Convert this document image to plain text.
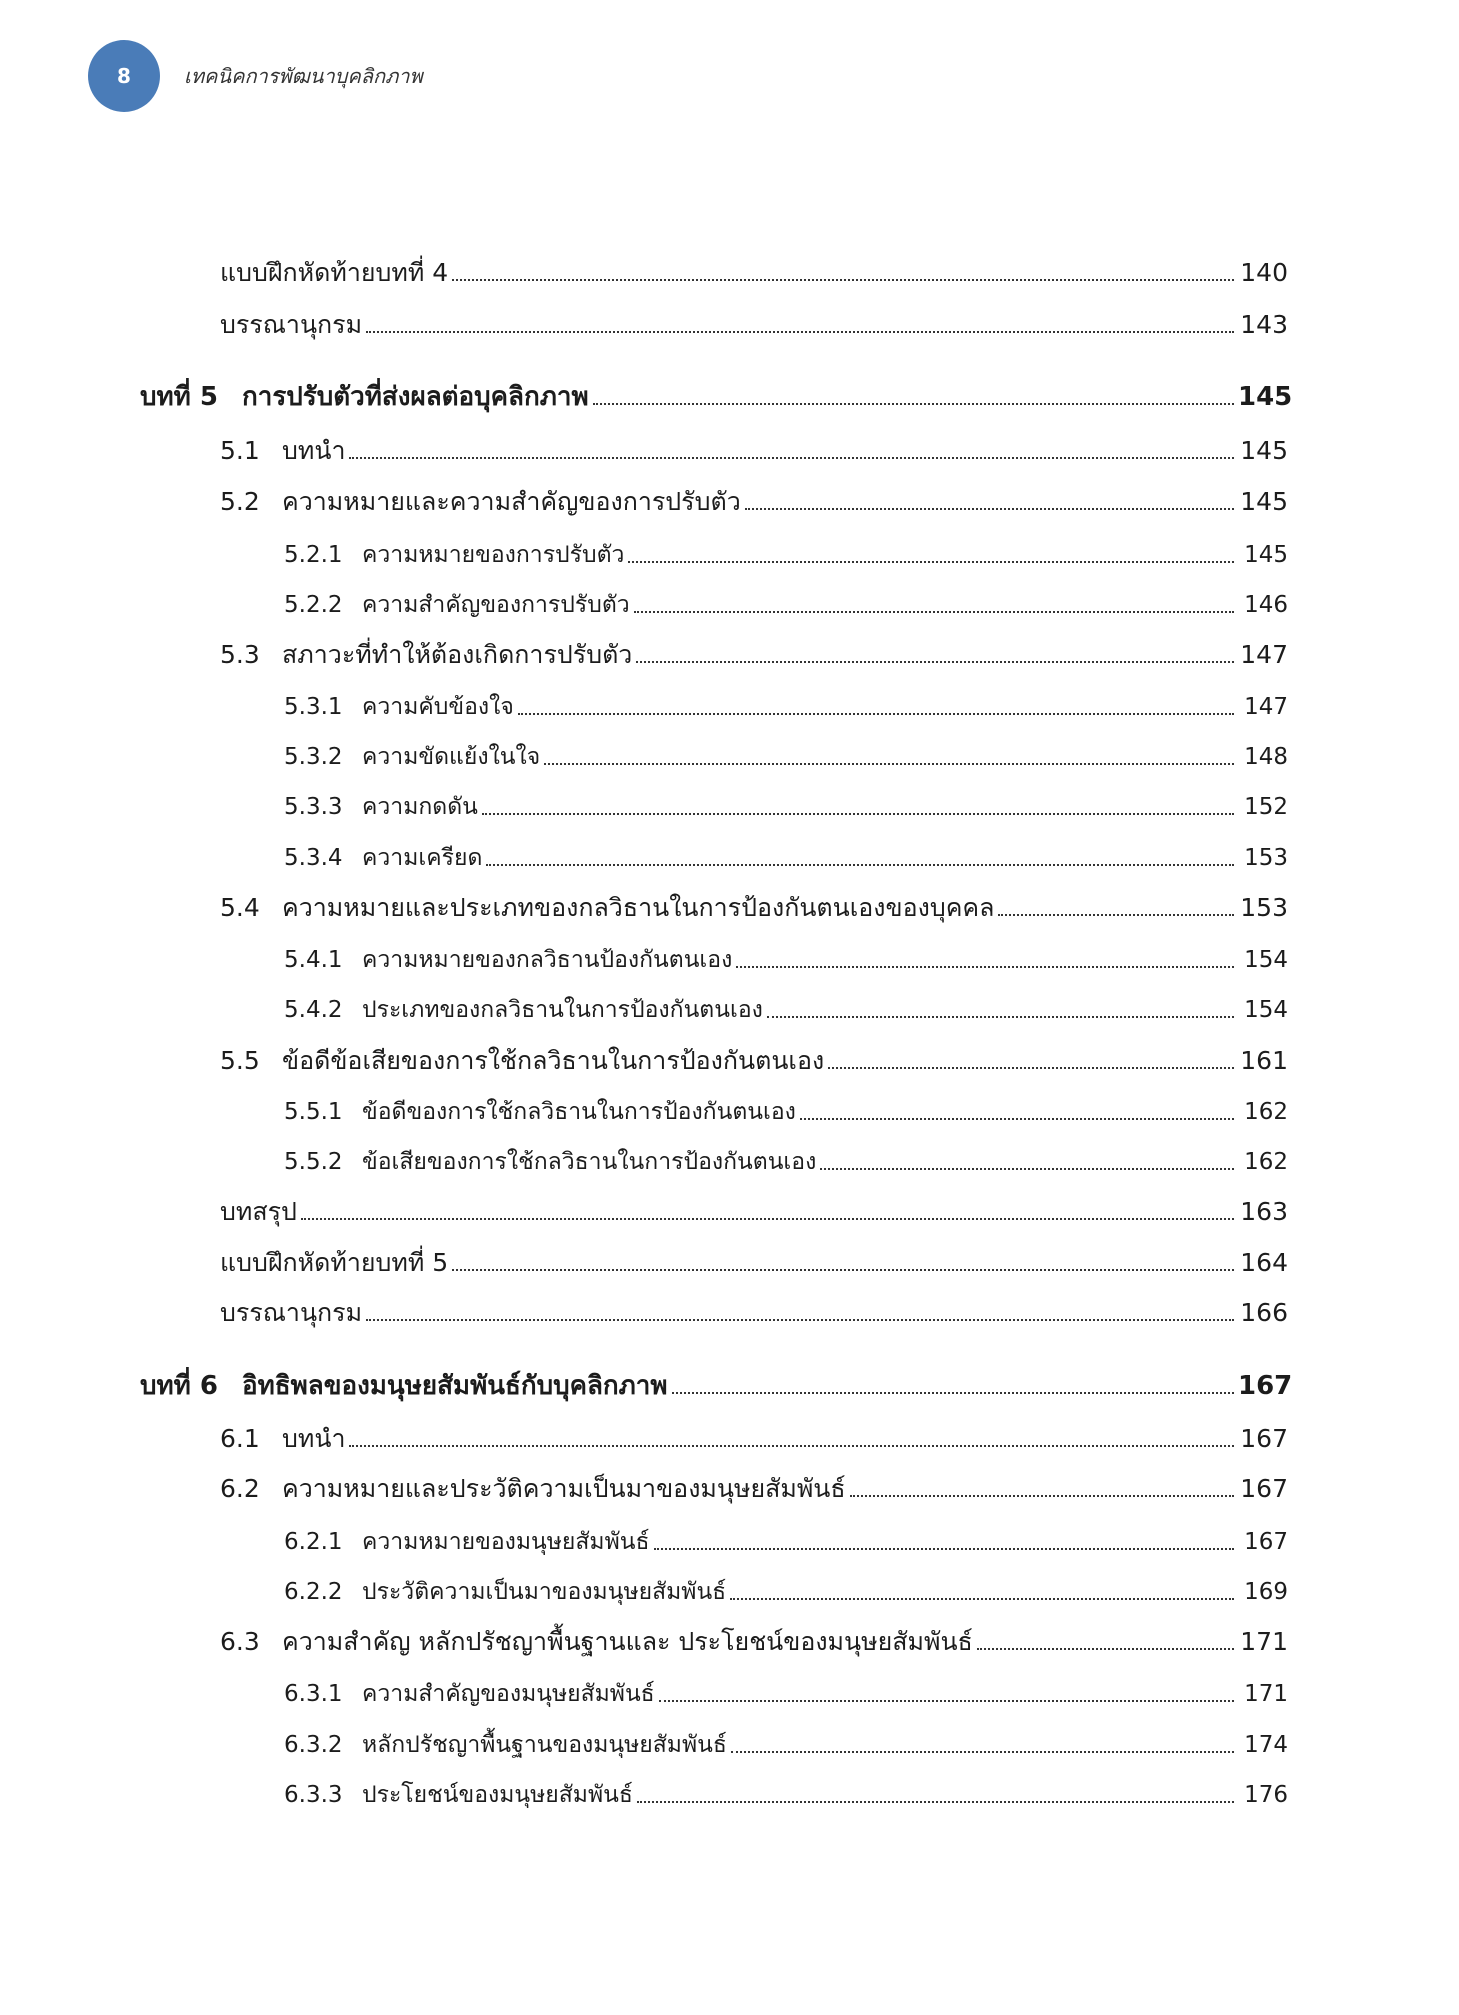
8	เทคนิคการพัฒนาบุคลิกภาพ
แบบฝึกหัดท้ายบทที่ 4	140
บรรณานุกรม	143
บทที่ 5 การปรับตัวที่ส่งผลต่อบุคลิกภาพ	145
5.1 บทนำ	145
5.2 ความหมายและความสำคัญของการปรับตัว	145
5.2.1 ความหมายของการปรับตัว	145
5.2.2 ความสำคัญของการปรับตัว	146
5.3 สภาวะที่ทำให้ต้องเกิดการปรับตัว	147
5.3.1 ความคับข้องใจ	147
5.3.2 ความขัดแย้งในใจ	148
5.3.3 ความกดดัน	152
5.3.4 ความเครียด	153
5.4 ความหมายและประเภทของกลวิธานในการป้องกันตนเองของบุคคล	153
5.4.1 ความหมายของกลวิธานป้องกันตนเอง	154
5.4.2 ประเภทของกลวิธานในการป้องกันตนเอง	154
5.5 ข้อดีข้อเสียของการใช้กลวิธานในการป้องกันตนเอง	161
5.5.1 ข้อดีของการใช้กลวิธานในการป้องกันตนเอง	162
5.5.2 ข้อเสียของการใช้กลวิธานในการป้องกันตนเอง	162
บทสรุป	163
แบบฝึกหัดท้ายบทที่ 5	164
บรรณานุกรม	166
บทที่ 6 อิทธิพลของมนุษยสัมพันธ์กับบุคลิกภาพ	167
6.1 บทนำ	167
6.2 ความหมายและประวัติความเป็นมาของมนุษยสัมพันธ์	167
6.2.1 ความหมายของมนุษยสัมพันธ์	167
6.2.2 ประวัติความเป็นมาของมนุษยสัมพันธ์	169
6.3 ความสำคัญ หลักปรัชญาพื้นฐานและ ประโยชน์ของมนุษยสัมพันธ์	171
6.3.1 ความสำคัญของมนุษยสัมพันธ์	171
6.3.2 หลักปรัชญาพื้นฐานของมนุษยสัมพันธ์	174
6.3.3 ประโยชน์ของมนุษยสัมพันธ์	176
